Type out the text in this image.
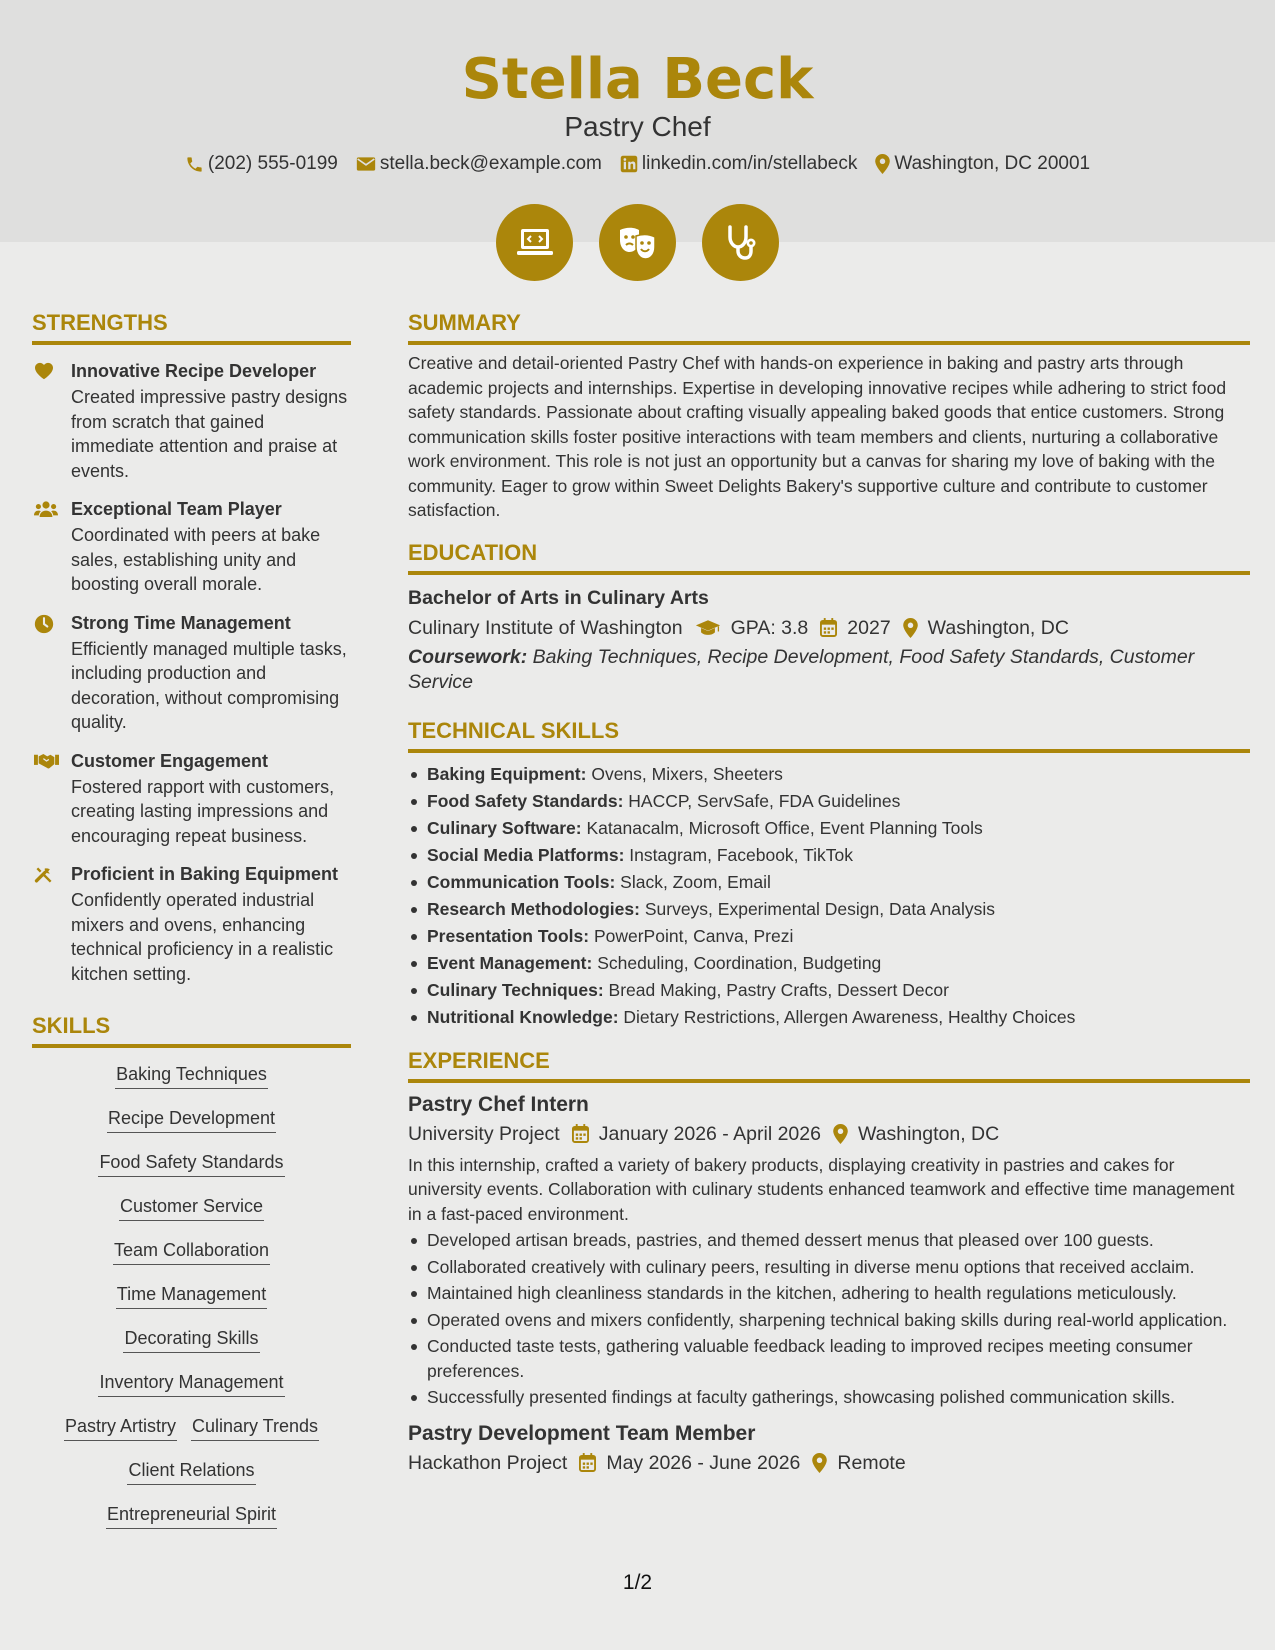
Stella Beck
Pastry Chef
(202) 555-0199 stella.beck@example.com linkedin.com/in/stellabeck Washington, DC 20001
STRENGTHS
Innovative Recipe Developer
Created impressive pastry designs from scratch that gained immediate attention and praise at events.
Exceptional Team Player
Coordinated with peers at bake sales, establishing unity and boosting overall morale.
Strong Time Management
Efficiently managed multiple tasks, including production and decoration, without compromising quality.
Customer Engagement
Fostered rapport with customers, creating lasting impressions and encouraging repeat business.
Proficient in Baking Equipment
Confidently operated industrial mixers and ovens, enhancing technical proficiency in a realistic kitchen setting.
SKILLS
Baking Techniques
Recipe Development
Food Safety Standards
Customer Service
Team Collaboration
Time Management
Decorating Skills
Inventory Management
Pastry Artistry Culinary Trends
Client Relations
Entrepreneurial Spirit
SUMMARY
Creative and detail-oriented Pastry Chef with hands-on experience in baking and pastry arts through academic projects and internships. Expertise in developing innovative recipes while adhering to strict food safety standards. Passionate about crafting visually appealing baked goods that entice customers. Strong communication skills foster positive interactions with team members and clients, nurturing a collaborative work environment. This role is not just an opportunity but a canvas for sharing my love of baking with the community. Eager to grow within Sweet Delights Bakery's supportive culture and contribute to customer satisfaction.
EDUCATION
Bachelor of Arts in Culinary Arts
Culinary Institute of Washington GPA: 3.8 2027 Washington, DC
Coursework: Baking Techniques, Recipe Development, Food Safety Standards, Customer Service
TECHNICAL SKILLS
Baking Equipment: Ovens, Mixers, Sheeters
Food Safety Standards: HACCP, ServSafe, FDA Guidelines
Culinary Software: Katanacalm, Microsoft Office, Event Planning Tools
Social Media Platforms: Instagram, Facebook, TikTok
Communication Tools: Slack, Zoom, Email
Research Methodologies: Surveys, Experimental Design, Data Analysis
Presentation Tools: PowerPoint, Canva, Prezi
Event Management: Scheduling, Coordination, Budgeting
Culinary Techniques: Bread Making, Pastry Crafts, Dessert Decor
Nutritional Knowledge: Dietary Restrictions, Allergen Awareness, Healthy Choices
EXPERIENCE
Pastry Chef Intern
University Project January 2026 - April 2026 Washington, DC
In this internship, crafted a variety of bakery products, displaying creativity in pastries and cakes for university events. Collaboration with culinary students enhanced teamwork and effective time management in a fast-paced environment.
Developed artisan breads, pastries, and themed dessert menus that pleased over 100 guests.
Collaborated creatively with culinary peers, resulting in diverse menu options that received acclaim.
Maintained high cleanliness standards in the kitchen, adhering to health regulations meticulously.
Operated ovens and mixers confidently, sharpening technical baking skills during real-world application.
Conducted taste tests, gathering valuable feedback leading to improved recipes meeting consumer preferences.
Successfully presented findings at faculty gatherings, showcasing polished communication skills.
Pastry Development Team Member
Hackathon Project May 2026 - June 2026 Remote
1/2
